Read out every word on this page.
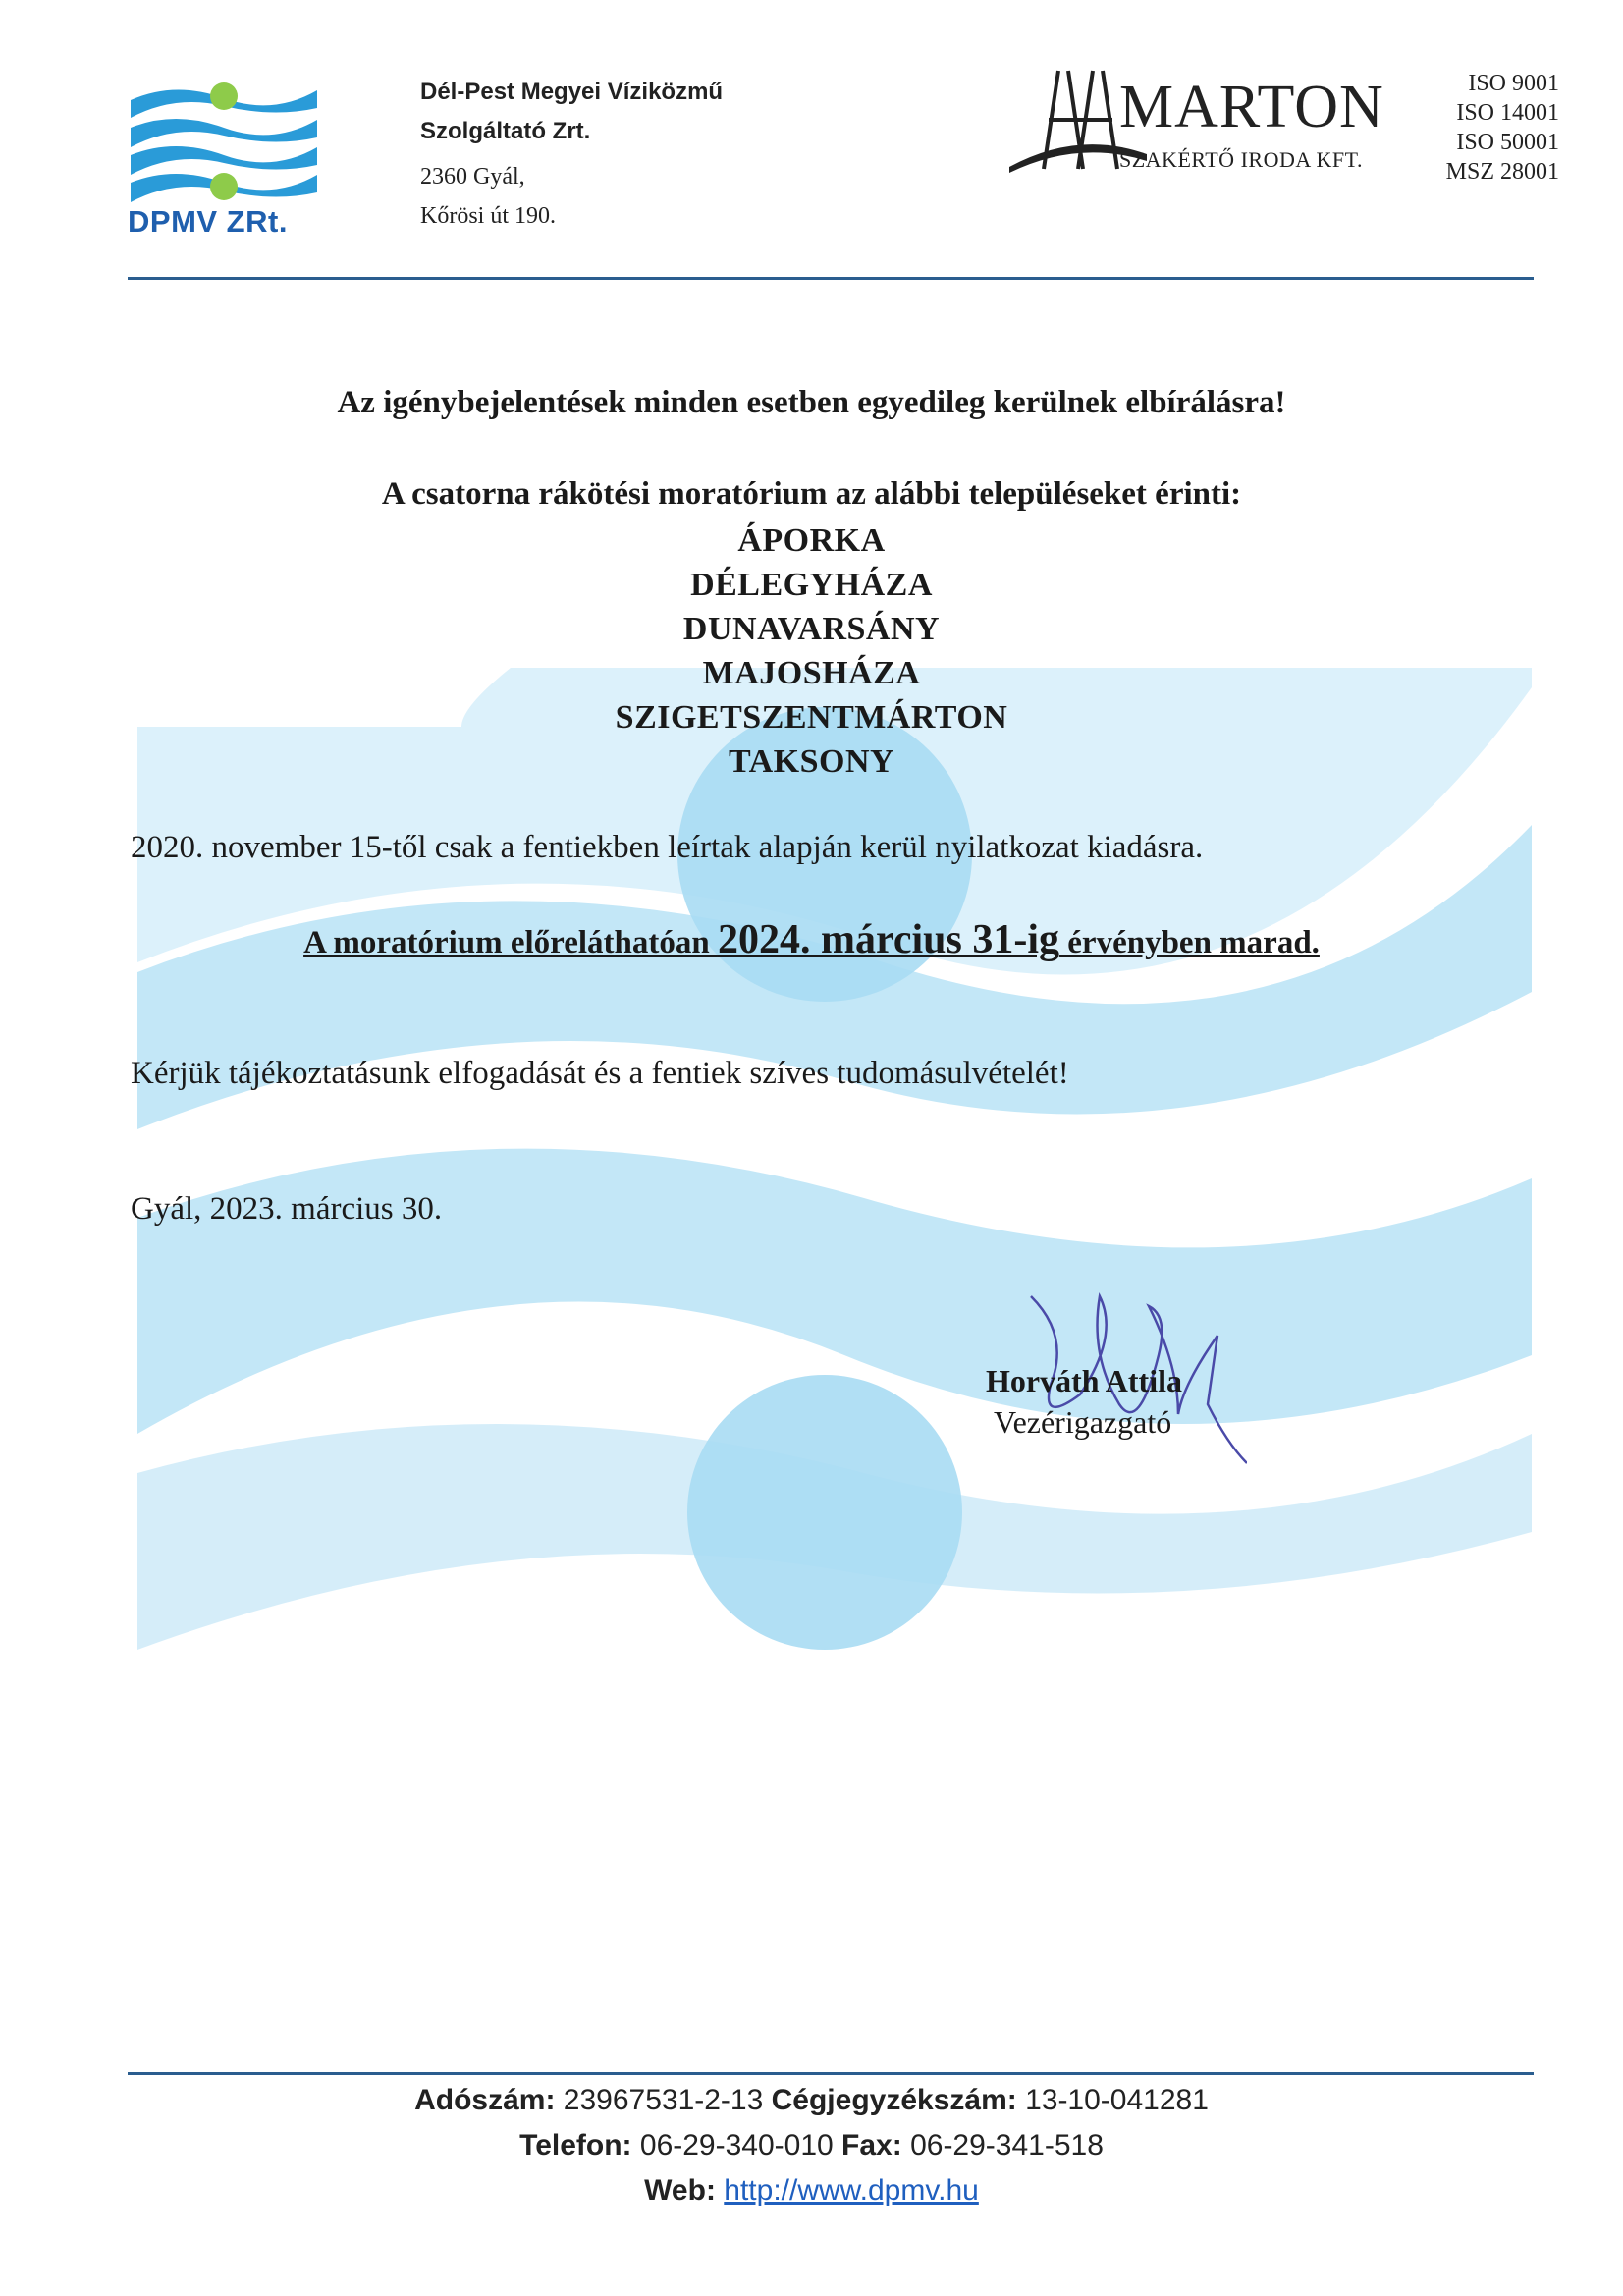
DPMV ZRt.
Dél-Pest Megyei Víziközmű
Szolgáltató Zrt.
2360 Gyál,
Kőrösi út 190.
MARTON
SZAKÉRTŐ IRODA KFT.
ISO 9001
ISO 14001
ISO 50001
MSZ 28001
Az igénybejelentések minden esetben egyedileg kerülnek elbírálásra!
A csatorna rákötési moratórium az alábbi településeket érinti:
ÁPORKA
DÉLEGYHÁZA
DUNAVARSÁNY
MAJOSHÁZA
SZIGETSZENTMÁRTON
TAKSONY
2020. november 15-től csak a fentiekben leírtak alapján kerül nyilatkozat kiadásra.
A moratórium előreláthatóan 2024. március 31-ig érvényben marad.
Kérjük tájékoztatásunk elfogadását és a fentiek szíves tudomásulvételét!
Gyál, 2023. március 30.
Horváth Attila
Vezérigazgató
Adószám: 23967531-2-13 Cégjegyzékszám: 13-10-041281
Telefon: 06-29-340-010 Fax: 06-29-341-518
Web: http://www.dpmv.hu
